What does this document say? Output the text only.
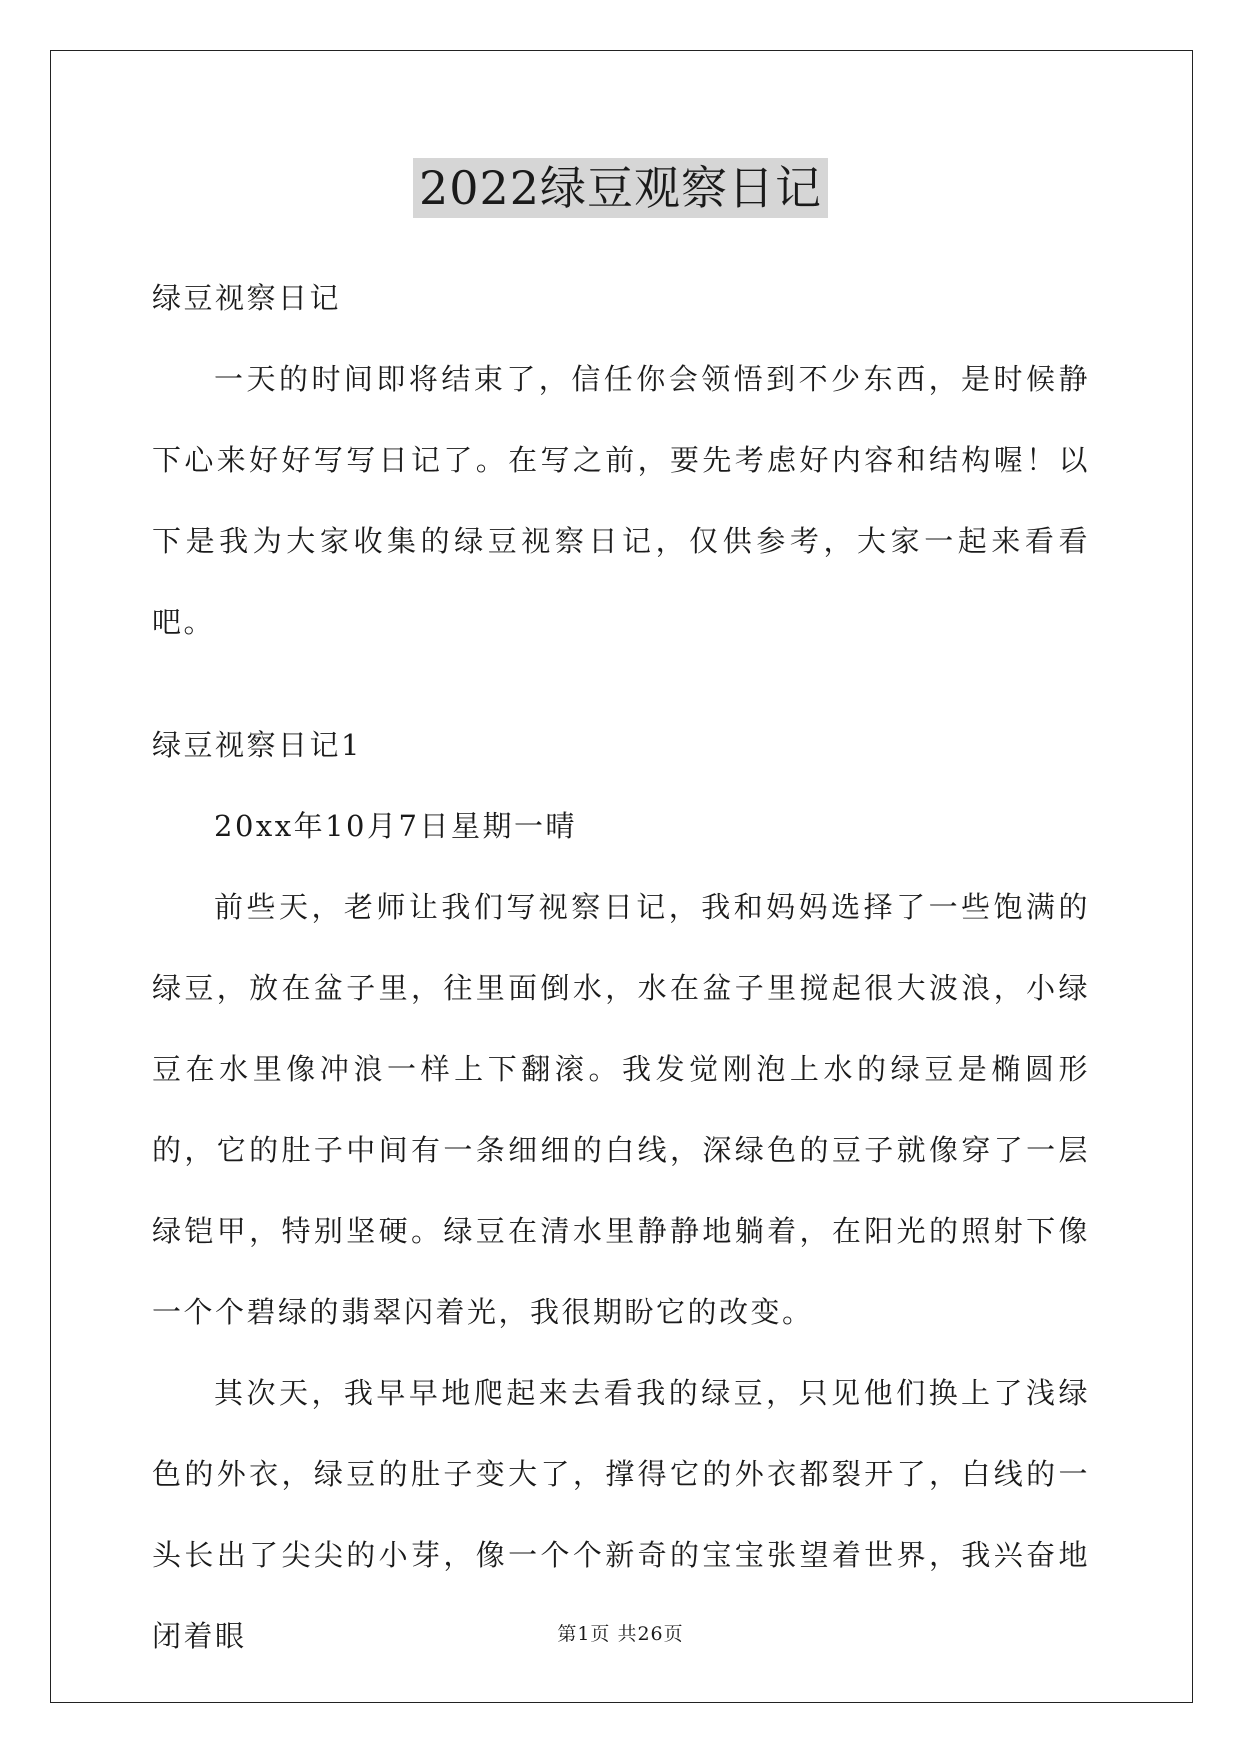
2022绿豆观察日记

绿豆视察日记

一天的时间即将结束了，信任你会领悟到不少东西，是时候静下心来好好写写日记了。在写之前，要先考虑好内容和结构喔！以下是我为大家收集的绿豆视察日记，仅供参考，大家一起来看看吧。

绿豆视察日记1

20xx年10月7日星期一晴

前些天，老师让我们写视察日记，我和妈妈选择了一些饱满的绿豆，放在盆子里，往里面倒水，水在盆子里搅起很大波浪，小绿豆在水里像冲浪一样上下翻滚。我发觉刚泡上水的绿豆是椭圆形的，它的肚子中间有一条细细的白线，深绿色的豆子就像穿了一层绿铠甲，特别坚硬。绿豆在清水里静静地躺着，在阳光的照射下像一个个碧绿的翡翠闪着光，我很期盼它的改变。

其次天，我早早地爬起来去看我的绿豆，只见他们换上了浅绿色的外衣，绿豆的肚子变大了，撑得它的外衣都裂开了，白线的一头长出了尖尖的小芽，像一个个新奇的宝宝张望着世界，我兴奋地闭着眼	第1页 共26页
